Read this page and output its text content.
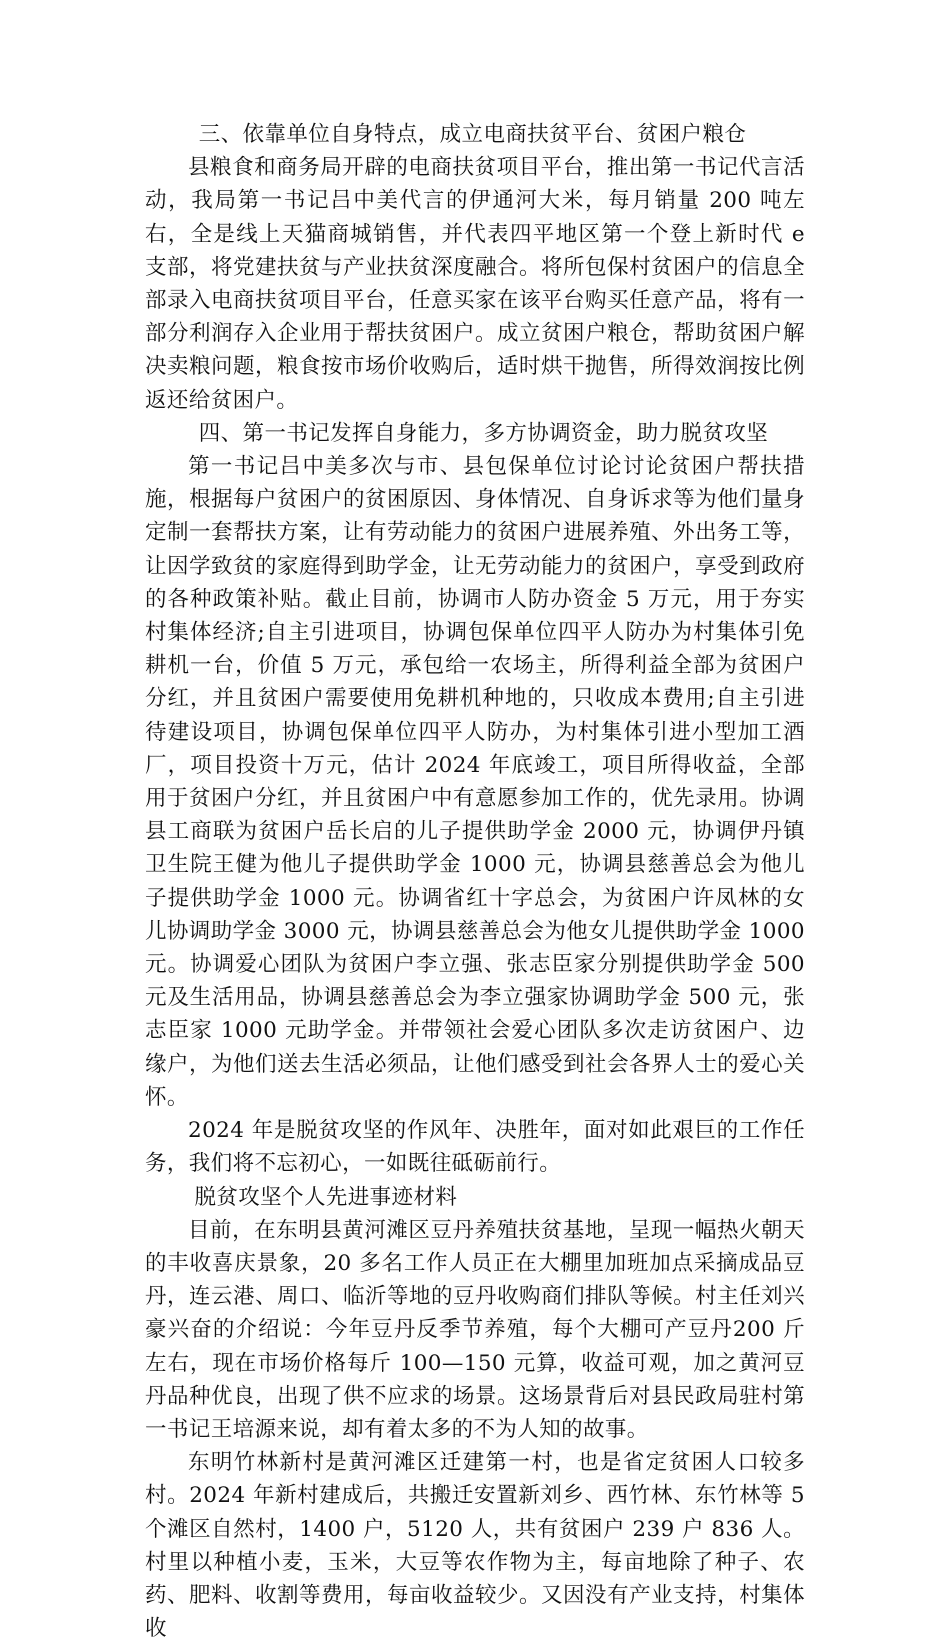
三、依靠单位自身特点，成立电商扶贫平台、贫困户粮仓

县粮食和商务局开辟的电商扶贫项目平台，推出第一书记代言活动，我局第一书记吕中美代言的伊通河大米，每月销量 200 吨左右，全是线上天猫商城销售，并代表四平地区第一个登上新时代 e 支部，将党建扶贫与产业扶贫深度融合。将所包保村贫困户的信息全部录入电商扶贫项目平台，任意买家在该平台购买任意产品，将有一部分利润存入企业用于帮扶贫困户。成立贫困户粮仓，帮助贫困户解决卖粮问题，粮食按市场价收购后，适时烘干抛售，所得效润按比例返还给贫困户。

四、第一书记发挥自身能力，多方协调资金，助力脱贫攻坚

第一书记吕中美多次与市、县包保单位讨论讨论贫困户帮扶措施，根据每户贫困户的贫困原因、身体情况、自身诉求等为他们量身定制一套帮扶方案，让有劳动能力的贫困户进展养殖、外出务工等，让因学致贫的家庭得到助学金，让无劳动能力的贫困户，享受到政府的各种政策补贴。截止目前，协调市人防办资金 5 万元，用于夯实村集体经济;自主引进项目，协调包保单位四平人防办为村集体引免耕机一台，价值 5 万元，承包给一农场主，所得利益全部为贫困户分红，并且贫困户需要使用免耕机种地的，只收成本费用;自主引进待建设项目，协调包保单位四平人防办，为村集体引进小型加工酒厂，项目投资十万元，估计 2024 年底竣工，项目所得收益，全部用于贫困户分红，并且贫困户中有意愿参加工作的，优先录用。协调县工商联为贫困户岳长启的儿子提供助学金 2000 元，协调伊丹镇卫生院王健为他儿子提供助学金 1000 元，协调县慈善总会为他儿子提供助学金 1000 元。协调省红十字总会，为贫困户许凤林的女儿协调助学金 3000 元，协调县慈善总会为他女儿提供助学金 1000 元。协调爱心团队为贫困户李立强、张志臣家分别提供助学金 500 元及生活用品，协调县慈善总会为李立强家协调助学金 500 元，张志臣家 1000 元助学金。并带领社会爱心团队多次走访贫困户、边缘户，为他们送去生活必须品，让他们感受到社会各界人士的爱心关怀。

2024 年是脱贫攻坚的作风年、决胜年，面对如此艰巨的工作任务，我们将不忘初心，一如既往砥砺前行。

脱贫攻坚个人先进事迹材料

目前，在东明县黄河滩区豆丹养殖扶贫基地，呈现一幅热火朝天的丰收喜庆景象，20 多名工作人员正在大棚里加班加点采摘成品豆丹，连云港、周口、临沂等地的豆丹收购商们排队等候。村主任刘兴豪兴奋的介绍说：今年豆丹反季节养殖，每个大棚可产豆丹200 斤左右，现在市场价格每斤 100—150 元算，收益可观，加之黄河豆丹品种优良，出现了供不应求的场景。这场景背后对县民政局驻村第一书记王培源来说，却有着太多的不为人知的故事。

东明竹林新村是黄河滩区迁建第一村，也是省定贫困人口较多村。2024 年新村建成后，共搬迁安置新刘乡、西竹林、东竹林等 5个滩区自然村，1400 户，5120 人，共有贫困户 239 户 836 人。村里以种植小麦，玉米，大豆等农作物为主，每亩地除了种子、农药、肥料、收割等费用，每亩收益较少。又因没有产业支持，村集体收
